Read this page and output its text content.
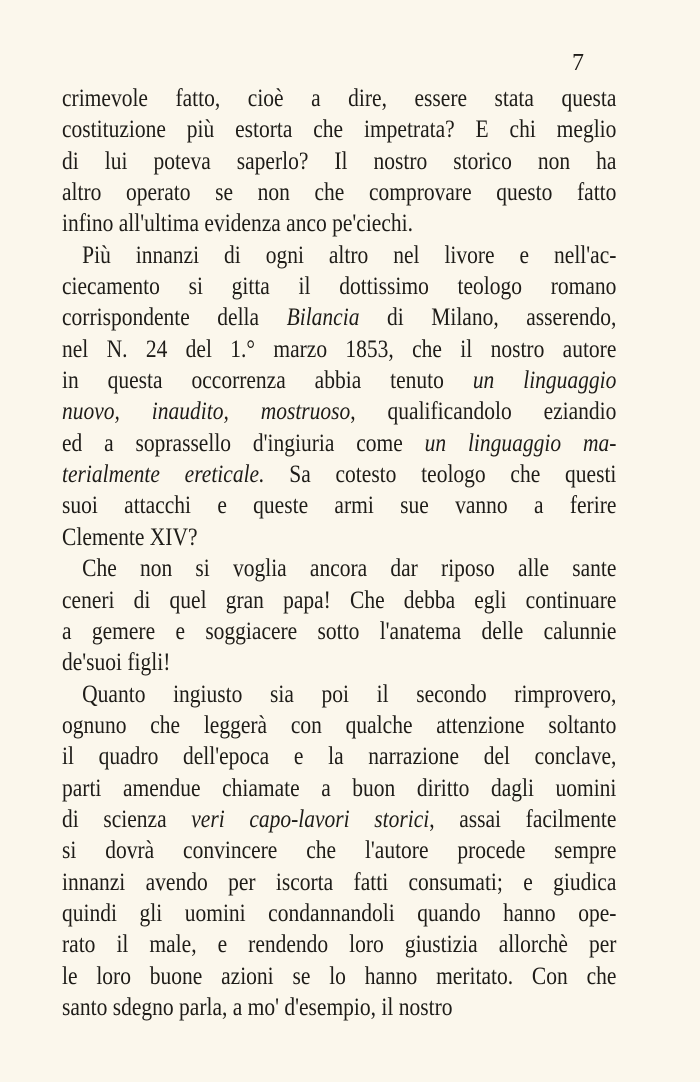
7
crimevole fatto, cioè a dire, essere stata questa
costituzione più estorta che impetrata? E chi meglio
di lui poteva saperlo? Il nostro storico non ha
altro operato se non che comprovare questo fatto
infino all'ultima evidenza anco pe'ciechi.
Più innanzi di ogni altro nel livore e nell'ac-
ciecamento si gitta il dottissimo teologo romano
corrispondente della Bilancia di Milano, asserendo,
nel N. 24 del 1.° marzo 1853, che il nostro autore
in questa occorrenza abbia tenuto un linguaggio
nuovo, inaudito, mostruoso, qualificandolo eziandio
ed a soprassello d'ingiuria come un linguaggio ma-
terialmente ereticale. Sa cotesto teologo che questi
suoi attacchi e queste armi sue vanno a ferire
Clemente XIV?
Che non si voglia ancora dar riposo alle sante
ceneri di quel gran papa! Che debba egli continuare
a gemere e soggiacere sotto l'anatema delle calunnie
de'suoi figli!
Quanto ingiusto sia poi il secondo rimprovero,
ognuno che leggerà con qualche attenzione soltanto
il quadro dell'epoca e la narrazione del conclave,
parti amendue chiamate a buon diritto dagli uomini
di scienza veri capo-lavori storici, assai facilmente
si dovrà convincere che l'autore procede sempre
innanzi avendo per iscorta fatti consumati; e giudica
quindi gli uomini condannandoli quando hanno ope-
rato il male, e rendendo loro giustizia allorchè per
le loro buone azioni se lo hanno meritato. Con che
santo sdegno parla, a mo' d'esempio, il nostro
